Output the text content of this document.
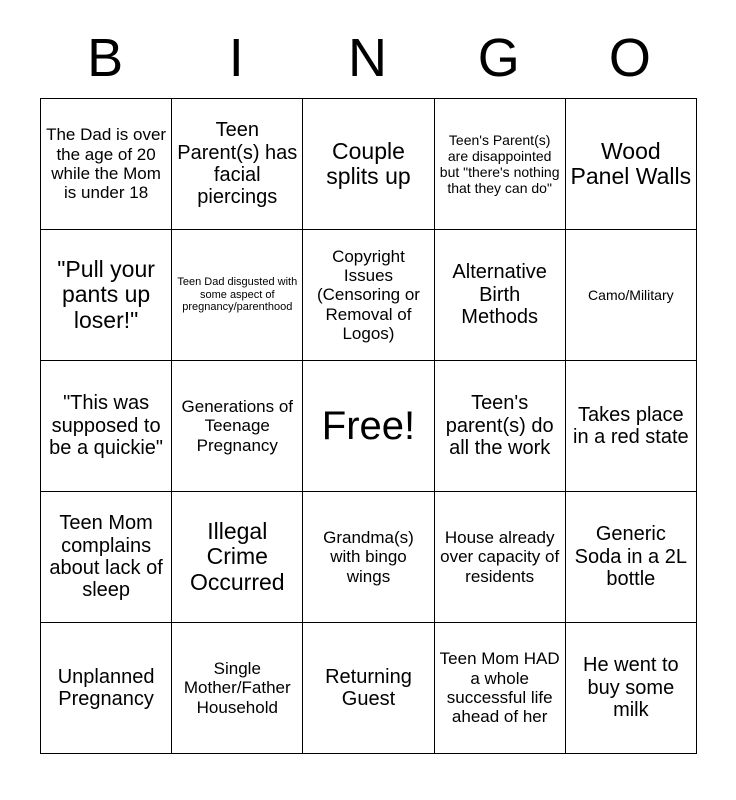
B	I	N	G	O
The Dad is over the age of 20 while the Mom is under 18	Teen Parent(s) has facial piercings	Couple splits up	Teen's Parent(s) are disappointed but "there's nothing that they can do"	Wood Panel Walls

"Pull your pants up loser!"	Teen Dad disgusted with some aspect of pregnancy/parenthood	Copyright Issues (Censoring or Removal of Logos)	Alternative Birth Methods	Camo/Military

"This was supposed to be a quickie"	Generations of Teenage Pregnancy	Free!	Teen's parent(s) do all the work	Takes place in a red state

Teen Mom complains about lack of sleep	Illegal Crime Occurred	Grandma(s) with bingo wings	House already over capacity of residents	Generic Soda in a 2L bottle

Unplanned Pregnancy	Single Mother/Father Household	Returning Guest	Teen Mom HAD a whole successful life ahead of her	He went to buy some milk
